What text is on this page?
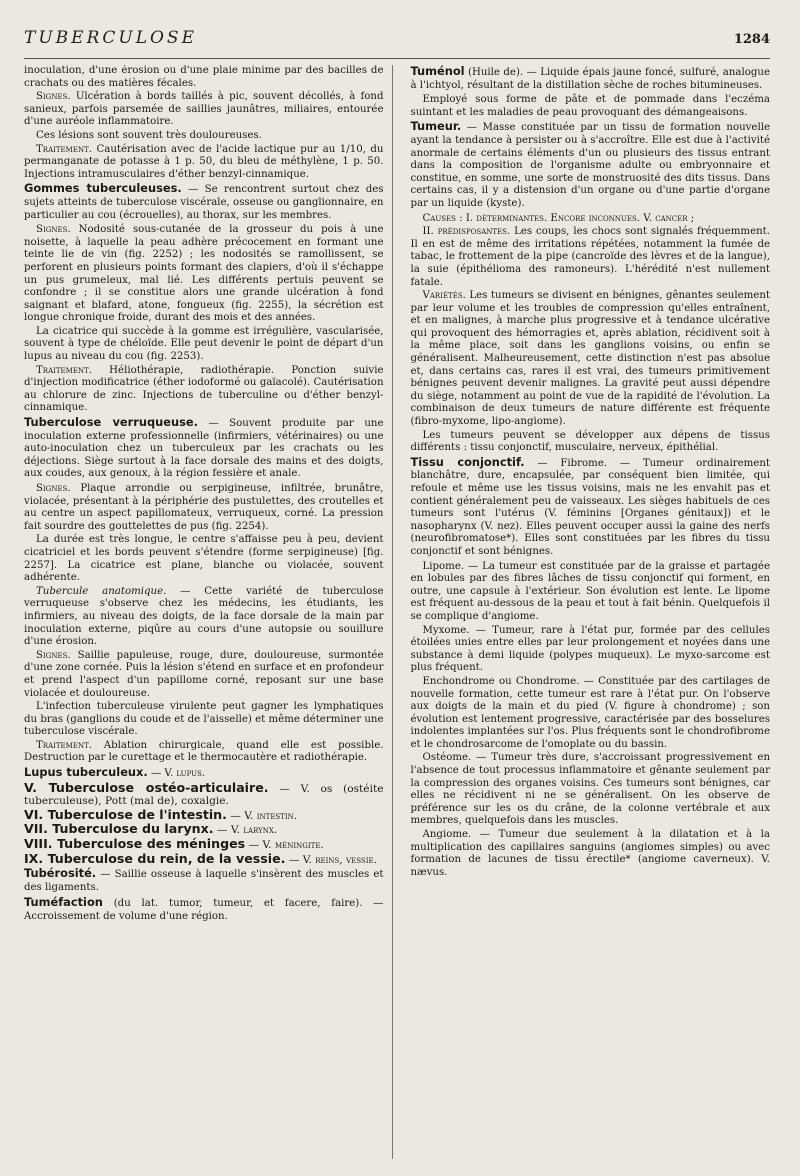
TUBERCULOSE	1284

inoculation, d'une érosion ou d'une plaie minime par des bacilles de crachats ou des matières fécales.

Signes. Ulcération à bords taillés à pic, souvent décollés, à fond sanieux, parfois parsemée de saillies jaunâtres, miliaires, entourée d'une auréole inflammatoire.

Ces lésions sont souvent très douloureuses.

Traitement. Cautérisation avec de l'acide lactique pur au 1/10, du permanganate de potasse à 1 p. 50, du bleu de méthylène, 1 p. 50. Injections intramusculaires d'éther benzyl-cinnamique.

Gommes tuberculeuses. — Se rencontrent surtout chez des sujets atteints de tuberculose viscérale, osseuse ou ganglionnaire, en particulier au cou (écrouelles), au thorax, sur les membres.

Signes. Nodosité sous-cutanée de la grosseur du pois à une noisette, à laquelle la peau adhère précocement en formant une teinte lie de vin (fig. 2252) ; les nodosités se ramollissent, se perforent en plusieurs points formant des clapiers, d'où il s'échappe un pus grumeleux, mal lié. Les différents pertuis peuvent se confondre ; il se constitue alors une grande ulcération à fond saignant et blafard, atone, fongueux (fig. 2255), la sécrétion est longue chronique froide, durant des mois et des années.

La cicatrice qui succède à la gomme est irrégulière, vascularisée, souvent à type de chéloïde. Elle peut devenir le point de départ d'un lupus au niveau du cou (fig. 2253).

Traitement. Héliothérapie, radiothérapie. Ponction suivie d'injection modificatrice (éther iodoformé ou gaïacolé). Cautérisation au chlorure de zinc. Injections de tuberculine ou d'éther benzyl-cinnamique.

Tuberculose verruqueuse. — Souvent produite par une inoculation externe professionnelle (infirmiers, vétérinaires) ou une auto-inoculation chez un tuberculeux par les crachats ou les déjections. Siège surtout à la face dorsale des mains et des doigts, aux coudes, aux genoux, à la région fessière et anale.

Signes. Plaque arrondie ou serpigineuse, infiltrée, brunâtre, violacée, présentant à la périphérie des pustulettes, des croutelles et au centre un aspect papillomateux, verruqueux, corné. La pression fait sourdre des gouttelettes de pus (fig. 2254).

La durée est très longue, le centre s'affaisse peu à peu, devient cicatriciel et les bords peuvent s'étendre (forme serpigineuse) [fig. 2257]. La cicatrice est plane, blanche ou violacée, souvent adhérente.

Tubercule anatomique. — Cette variété de tuberculose verruqueuse s'observe chez les médecins, les étudiants, les infirmiers, au niveau des doigts, de la face dorsale de la main par inoculation externe, piqûre au cours d'une autopsie ou souillure d'une érosion.

Signes. Saillie papuleuse, rouge, dure, douloureuse, surmontée d'une zone cornée. Puis la lésion s'étend en surface et en profondeur et prend l'aspect d'un papillome corné, reposant sur une base violacée et douloureuse.

L'infection tuberculeuse virulente peut gagner les lymphatiques du bras (ganglions du coude et de l'aisselle) et même déterminer une tuberculose viscérale.

Traitement. Ablation chirurgicale, quand elle est possible. Destruction par le curettage et le thermocautère et radiothérapie.

Lupus tuberculeux. — V. lupus.

V. Tuberculose ostéo-articulaire. — V. os (ostéite tuberculeuse), Pott (mal de), coxalgie.

VI. Tuberculose de l'intestin. — V. intestin.

VII. Tuberculose du larynx. — V. larynx.

VIII. Tuberculose des méninges — V. méningite.

IX. Tuberculose du rein, de la vessie. — V. reins, vessie.

Tubérosité. — Saillie osseuse à laquelle s'insèrent des muscles et des ligaments.

Tuméfaction (du lat. tumor, tumeur, et facere, faire). — Accroissement de volume d'une région.

Tuménol (Huile de). — Liquide épais jaune foncé, sulfuré, analogue à l'ichtyol, résultant de la distillation sèche de roches bitumineuses.

Employé sous forme de pâte et de pommade dans l'eczéma suintant et les maladies de peau provoquant des démangeaisons.

Tumeur. — Masse constituée par un tissu de formation nouvelle ayant la tendance à persister ou à s'accroître. Elle est due à l'activité anormale de certains éléments d'un ou plusieurs des tissus entrant dans la composition de l'organisme adulte ou embryonnaire et constitue, en somme, une sorte de monstruosité des dits tissus. Dans certains cas, il y a distension d'un organe ou d'une partie d'organe par un liquide (kyste).

Causes : I. déterminantes. Encore inconnues. V. cancer ;

II. prédisposantes. Les coups, les chocs sont signalés fréquemment. Il en est de même des irritations répétées, notamment la fumée de tabac, le frottement de la pipe (cancroïde des lèvres et de la langue), la suie (épithélioma des ramoneurs). L'hérédité n'est nullement fatale.

Variétés. Les tumeurs se divisent en bénignes, gênantes seulement par leur volume et les troubles de compression qu'elles entraînent, et en malignes, à marche plus progressive et à tendance ulcérative qui provoquent des hémorragies et, après ablation, récidivent soit à la même place, soit dans les ganglions voisins, ou enfin se généralisent. Malheureusement, cette distinction n'est pas absolue et, dans certains cas, rares il est vrai, des tumeurs primitivement bénignes peuvent devenir malignes. La gravité peut aussi dépendre du siège, notamment au point de vue de la rapidité de l'évolution. La combinaison de deux tumeurs de nature différente est fréquente (fibro-myxome, lipo-angiome).

Les tumeurs peuvent se développer aux dépens de tissus différents : tissu conjonctif, musculaire, nerveux, épithélial.

Tissu conjonctif. — Fibrome. — Tumeur ordinairement blanchâtre, dure, encapsulée, par conséquent bien limitée, qui refoule et même use les tissus voisins, mais ne les envahit pas et contient généralement peu de vaisseaux. Les sièges habituels de ces tumeurs sont l'utérus (V. féminins [Organes génitaux]) et le nasopharynx (V. nez). Elles peuvent occuper aussi la gaine des nerfs (neurofibromatose*). Elles sont constituées par les fibres du tissu conjonctif et sont bénignes.

Lipome. — La tumeur est constituée par de la graisse et partagée en lobules par des fibres lâches de tissu conjonctif qui forment, en outre, une capsule à l'extérieur. Son évolution est lente. Le lipome est fréquent au-dessous de la peau et tout à fait bénin. Quelquefois il se complique d'angiome.

Myxome. — Tumeur, rare à l'état pur, formée par des cellules étoilées unies entre elles par leur prolongement et noyées dans une substance à demi liquide (polypes muqueux). Le myxo-sarcome est plus fréquent.

Enchondrome ou Chondrome. — Constituée par des cartilages de nouvelle formation, cette tumeur est rare à l'état pur. On l'observe aux doigts de la main et du pied (V. figure à chondrome) ; son évolution est lentement progressive, caractérisée par des bosselures indolentes implantées sur l'os. Plus fréquents sont le chondrofibrome et le chondrosarcome de l'omoplate ou du bassin.

Ostéome. — Tumeur très dure, s'accroissant progressivement en l'absence de tout processus inflammatoire et gênante seulement par la compression des organes voisins. Ces tumeurs sont bénignes, car elles ne récidivent ni ne se généralisent. On les observe de préférence sur les os du crâne, de la colonne vertébrale et aux membres, quelquefois dans les muscles.

Angiome. — Tumeur due seulement à la dilatation et à la multiplication des capillaires sanguins (angiomes simples) ou avec formation de lacunes de tissu érectile* (angiome caverneux). V. nævus.
